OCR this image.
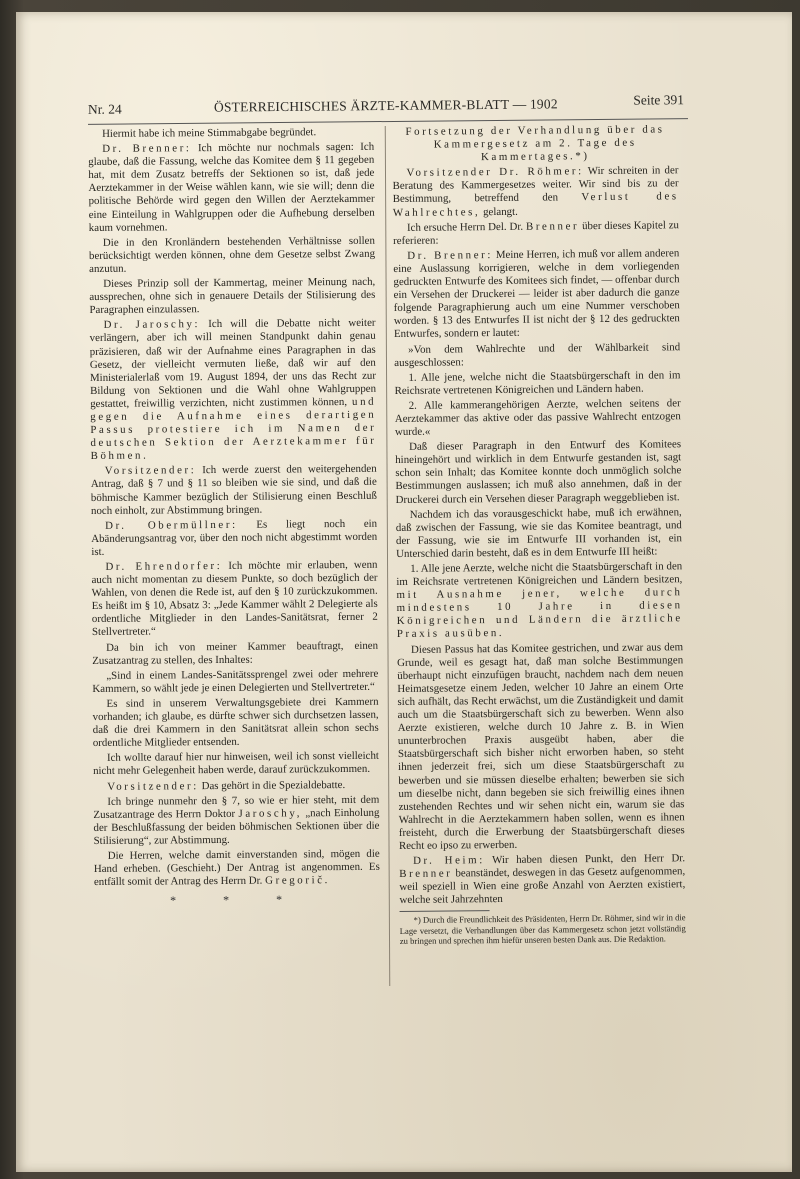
Nr. 24	ÖSTERREICHISCHES ÄRZTE-KAMMER-BLATT — 1902	Seite 391

Hiermit habe ich meine Stimmabgabe begründet.

Dr. Brenner: Ich möchte nur nochmals sagen: Ich glaube, daß die Fassung, welche das Komitee dem § 11 gegeben hat, mit dem Zusatz betreffs der Sektionen so ist, daß jede Aerztekammer in der Weise wählen kann, wie sie will; denn die politische Behörde wird gegen den Willen der Aerztekammer eine Einteilung in Wahlgruppen oder die Aufhebung derselben kaum vornehmen.

Die in den Kronländern bestehenden Verhältnisse sollen berücksichtigt werden können, ohne dem Gesetze selbst Zwang anzutun.

Dieses Prinzip soll der Kammertag, meiner Meinung nach, aussprechen, ohne sich in genauere Details der Stilisierung des Paragraphen einzulassen.

Dr. Jaroschy: Ich will die Debatte nicht weiter verlängern, aber ich will meinen Standpunkt dahin genau präzisieren, daß wir der Aufnahme eines Paragraphen in das Gesetz, der vielleicht vermuten ließe, daß wir auf den Ministerialerlaß vom 19. August 1894, der uns das Recht zur Bildung von Sektionen und die Wahl ohne Wahlgruppen gestattet, freiwillig verzichten, nicht zustimmen können, und gegen die Aufnahme eines derartigen Passus protestiere ich im Namen der deutschen Sektion der Aerztekammer für Böhmen.

Vorsitzender: Ich werde zuerst den weitergehenden Antrag, daß § 7 und § 11 so bleiben wie sie sind, und daß die böhmische Kammer bezüglich der Stilisierung einen Beschluß noch einholt, zur Abstimmung bringen.

Dr. Obermüllner: Es liegt noch ein Abänderungsantrag vor, über den noch nicht abgestimmt worden ist.

Dr. Ehrendorfer: Ich möchte mir erlauben, wenn auch nicht momentan zu diesem Punkte, so doch bezüglich der Wahlen, von denen die Rede ist, auf den § 10 zurückzukommen. Es heißt im § 10, Absatz 3: „Jede Kammer wählt 2 Delegierte als ordentliche Mitglieder in den Landes-Sanitätsrat, ferner 2 Stellvertreter.“

Da bin ich von meiner Kammer beauftragt, einen Zusatzantrag zu stellen, des Inhaltes:

„Sind in einem Landes-Sanitätssprengel zwei oder mehrere Kammern, so wählt jede je einen Delegierten und Stellvertreter.“

Es sind in unserem Verwaltungsgebiete drei Kammern vorhanden; ich glaube, es dürfte schwer sich durchsetzen lassen, daß die drei Kammern in den Sanitätsrat allein schon sechs ordentliche Mitglieder entsenden.

Ich wollte darauf hier nur hinweisen, weil ich sonst vielleicht nicht mehr Gelegenheit haben werde, darauf zurückzukommen.

Vorsitzender: Das gehört in die Spezialdebatte.

Ich bringe nunmehr den § 7, so wie er hier steht, mit dem Zusatzantrage des Herrn Doktor Jaroschy, „nach Einholung der Beschlußfassung der beiden böhmischen Sektionen über die Stilisierung“, zur Abstimmung.

Die Herren, welche damit einverstanden sind, mögen die Hand erheben. (Geschieht.) Der Antrag ist angenommen. Es entfällt somit der Antrag des Herrn Dr. Gregorič.

* * *

Fortsetzung der Verhandlung über das Kammergesetz am 2. Tage des Kammertages.*)

Vorsitzender Dr. Röhmer: Wir schreiten in der Beratung des Kammergesetzes weiter. Wir sind bis zu der Bestimmung, betreffend den Verlust des Wahlrechtes, gelangt.

Ich ersuche Herrn Del. Dr. Brenner über dieses Kapitel zu referieren:

Dr. Brenner: Meine Herren, ich muß vor allem anderen eine Auslassung korrigieren, welche in dem vorliegenden gedruckten Entwurfe des Komitees sich findet, — offenbar durch ein Versehen der Druckerei — leider ist aber dadurch die ganze folgende Paragraphierung auch um eine Nummer verschoben worden. § 13 des Entwurfes II ist nicht der § 12 des gedruckten Entwurfes, sondern er lautet:

»Von dem Wahlrechte und der Wählbarkeit sind ausgeschlossen:

1. Alle jene, welche nicht die Staatsbürgerschaft in den im Reichsrate vertretenen Königreichen und Ländern haben.

2. Alle kammerangehörigen Aerzte, welchen seitens der Aerztekammer das aktive oder das passive Wahlrecht entzogen wurde.«

Daß dieser Paragraph in den Entwurf des Komitees hineingehört und wirklich in dem Entwurfe gestanden ist, sagt schon sein Inhalt; das Komitee konnte doch unmöglich solche Bestimmungen auslassen; ich muß also annehmen, daß in der Druckerei durch ein Versehen dieser Paragraph weggeblieben ist.

Nachdem ich das vorausgeschickt habe, muß ich erwähnen, daß zwischen der Fassung, wie sie das Komitee beantragt, und der Fassung, wie sie im Entwurfe III vorhanden ist, ein Unterschied darin besteht, daß es in dem Entwurfe III heißt:

1. Alle jene Aerzte, welche nicht die Staatsbürgerschaft in den im Reichsrate vertretenen Königreichen und Ländern besitzen, mit Ausnahme jener, welche durch mindestens 10 Jahre in diesen Königreichen und Ländern die ärztliche Praxis ausüben.

Diesen Passus hat das Komitee gestrichen, und zwar aus dem Grunde, weil es gesagt hat, daß man solche Bestimmungen überhaupt nicht einzufügen braucht, nachdem nach dem neuen Heimatsgesetze einem Jeden, welcher 10 Jahre an einem Orte sich aufhält, das Recht erwächst, um die Zuständigkeit und damit auch um die Staatsbürgerschaft sich zu bewerben. Wenn also Aerzte existieren, welche durch 10 Jahre z. B. in Wien ununterbrochen Praxis ausgeübt haben, aber die Staatsbürgerschaft sich bisher nicht erworben haben, so steht ihnen jederzeit frei, sich um diese Staatsbürgerschaft zu bewerben und sie müssen dieselbe erhalten; bewerben sie sich um dieselbe nicht, dann begeben sie sich freiwillig eines ihnen zustehenden Rechtes und wir sehen nicht ein, warum sie das Wahlrecht in die Aerztekammern haben sollen, wenn es ihnen freisteht, durch die Erwerbung der Staatsbürgerschaft dieses Recht eo ipso zu erwerben.

Dr. Heim: Wir haben diesen Punkt, den Herr Dr. Brenner beanständet, deswegen in das Gesetz aufgenommen, weil speziell in Wien eine große Anzahl von Aerzten existiert, welche seit Jahrzehnten

*) Durch die Freundlichkeit des Präsidenten, Herrn Dr. Röhmer, sind wir in die Lage versetzt, die Verhandlungen über das Kammergesetz schon jetzt vollständig zu bringen und sprechen ihm hiefür unseren besten Dank aus. Die Redaktion.
